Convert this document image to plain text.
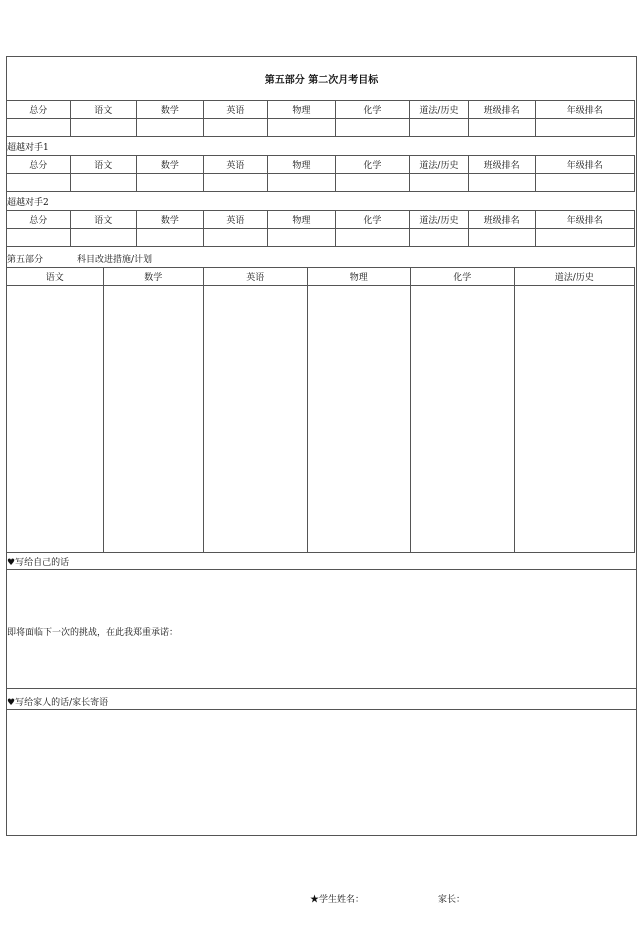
第五部分 第二次月考目标
总分	语文	数学	英语	物理	化学	道法/历史	班级排名	年级排名

超越对手1
总分	语文	数学	英语	物理	化学	道法/历史	班级排名	年级排名

超越对手2
总分	语文	数学	英语	物理	化学	道法/历史	班级排名	年级排名

第五部分	科目改进措施/计划
语文	数学	英语	物理	化学	道法/历史

♥写给自己的话
即将面临下一次的挑战，在此我郑重承诺：
♥写给家人的话/家长寄语
★学生姓名：	家长：
